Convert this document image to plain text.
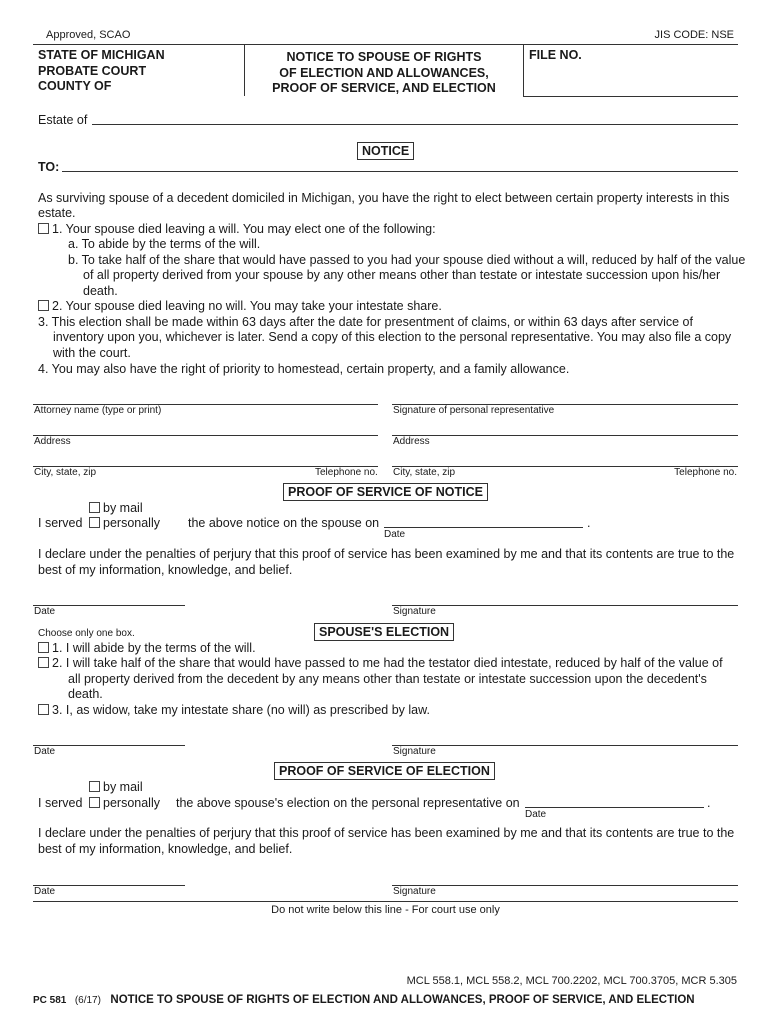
Approved, SCAO	JIS CODE: NSE
STATE OF MICHIGAN
PROBATE COURT
COUNTY OF
NOTICE TO SPOUSE OF RIGHTS
OF ELECTION AND ALLOWANCES,
PROOF OF SERVICE, AND ELECTION
FILE NO.
Estate of
NOTICE
TO:
As surviving spouse of a decedent domiciled in Michigan, you have the right to elect between certain property interests in this
estate.
1. Your spouse died leaving a will. You may elect one of the following:
a. To abide by the terms of the will.
b. To take half of the share that would have passed to you had your spouse died without a will, reduced by half of the value
of all property derived from your spouse by any other means other than testate or intestate succession upon his/her
death.
2. Your spouse died leaving no will. You may take your intestate share.
3. This election shall be made within 63 days after the date for presentment of claims, or within 63 days after service of
inventory upon you, whichever is later. Send a copy of this election to the personal representative. You may also file a copy
with the court.
4. You may also have the right of priority to homestead, certain property, and a family allowance.
Attorney name (type or print)	Signature of personal representative
Address	Address
City, state, zip	Telephone no. City, state, zip	Telephone no.
PROOF OF SERVICE OF NOTICE
by mail
I served	personally the above notice on the spouse on	.
Date
I declare under the penalties of perjury that this proof of service has been examined by me and that its contents are true to the
best of my information, knowledge, and belief.
Date	Signature
Choose only one box.	SPOUSE'S ELECTION
1. I will abide by the terms of the will.
2. I will take half of the share that would have passed to me had the testator died intestate, reduced by half of the value of
all property derived from the decedent by any means other than testate or intestate succession upon the decedent's
death.
3. I, as widow, take my intestate share (no will) as prescribed by law.
Date	Signature
PROOF OF SERVICE OF ELECTION
by mail
I served	personally the above spouse's election on the personal representative on	.
Date
I declare under the penalties of perjury that this proof of service has been examined by me and that its contents are true to the
best of my information, knowledge, and belief.
Date	Signature
Do not write below this line - For court use only
MCL 558.1, MCL 558.2, MCL 700.2202, MCL 700.3705, MCR 5.305
PC 581 (6/17) NOTICE TO SPOUSE OF RIGHTS OF ELECTION AND ALLOWANCES, PROOF OF SERVICE, AND ELECTION
